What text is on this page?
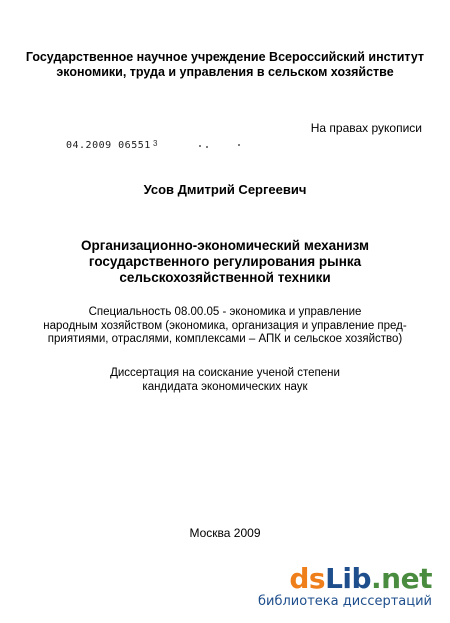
Государственное научное учреждение Всероссийский институт
экономики, труда и управления в сельском хозяйстве
На правах рукописи
04.2009 06551 3
Усов Дмитрий Сергеевич
Организационно-экономический механизм
государственного регулирования рынка
сельскохозяйственной техники
Специальность 08.00.05 - экономика и управление
народным хозяйством (экономика, организация и управление пред-
приятиями, отраслями, комплексами – АПК и сельское хозяйство)
Диссертация на соискание ученой степени
кандидата экономических наук
Москва 2009
dsLib.net
библиотека диссертаций
